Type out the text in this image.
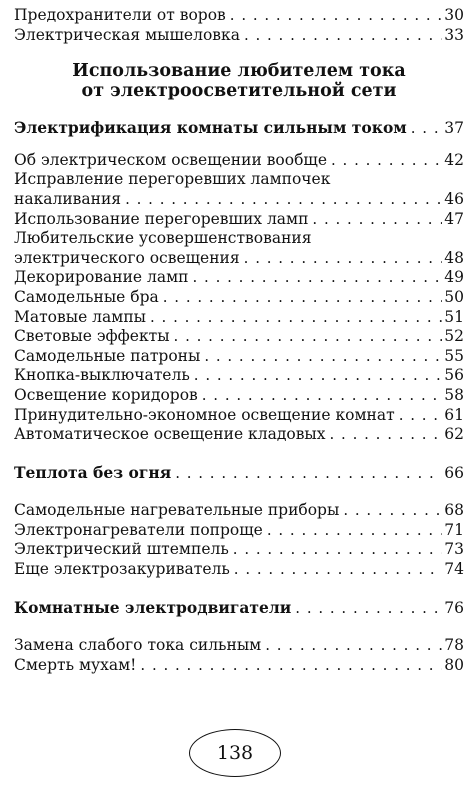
Предохранители от воров . . .	30
Электрическая мышеловка . . .	33
Использование любителем тока
от электроосветительной сети
Электрификация комнаты сильным током . . . 37
Об электрическом освещении вообще . . .	42
Исправление перегоревших лампочек
накаливания . . .	46
Использование перегоревших ламп . . .	47
Любительские усовершенствования
электрического освещения . . .	48
Декорирование ламп . . .	49
Самодельные бра . . .	50
Матовые лампы . . .	51
Световые эффекты . . .	52
Самодельные патроны . . .	55
Кнопка-выключатель . . .	56
Освещение коридоров . . .	58
Принудительно-экономное освещение комнат . . .	61
Автоматическое освещение кладовых . . .	62
Теплота без огня . . .	66
Самодельные нагревательные приборы . . .	68
Электронагреватели попроще . . .	71
Электрический штемпель . . .	73
Еще электрозакуриватель . . .	74
Комнатные электродвигатели . . .	76
Замена слабого тока сильным . . .	78
Смерть мухам! . . .	80
138
